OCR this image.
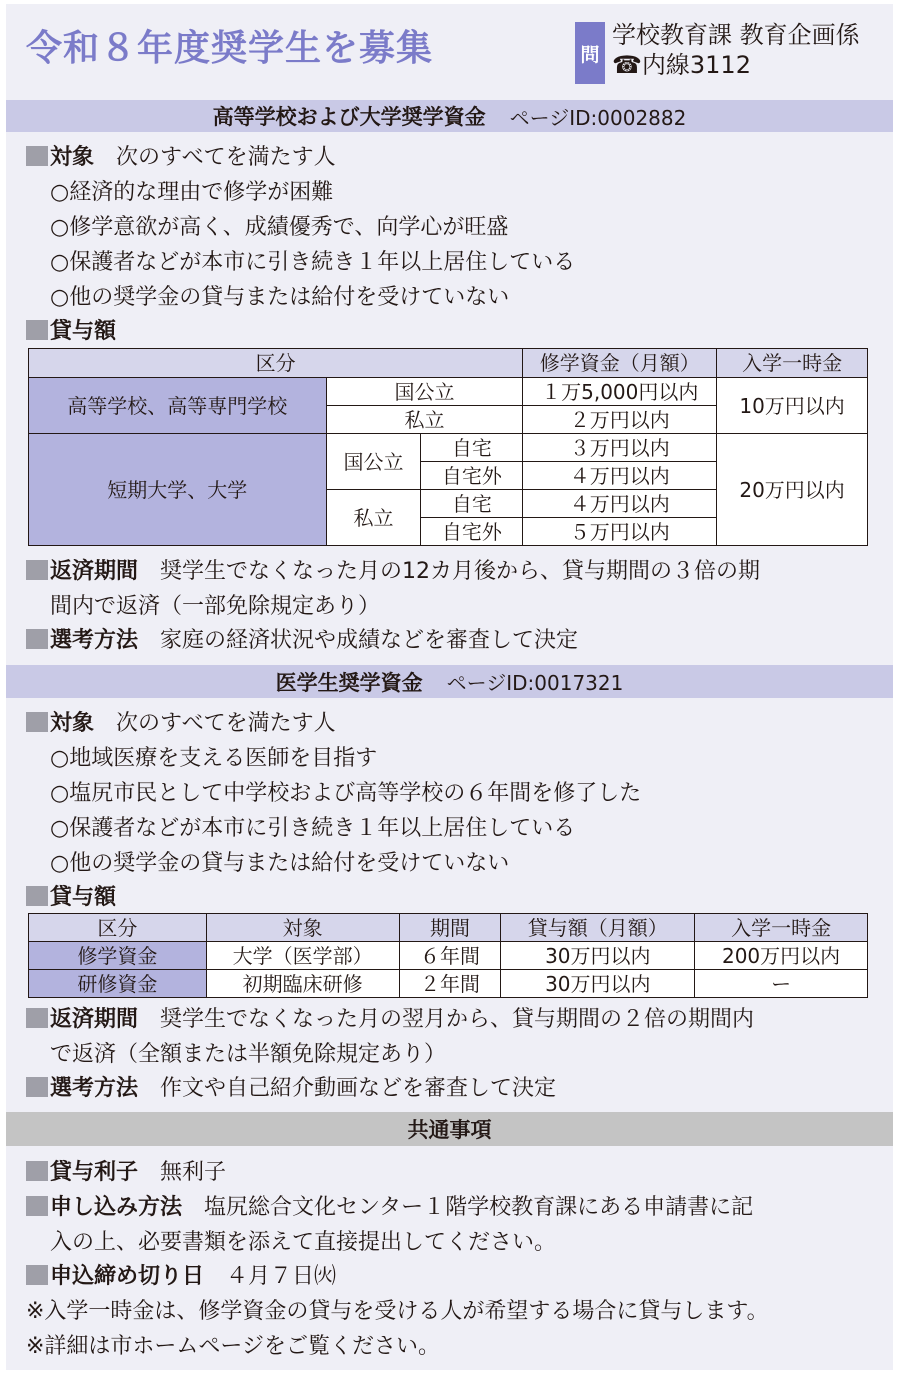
令和８年度奨学生を募集	問
学校教育課 教育企画係
☎内線3112
高等学校および大学奨学資金 ページID:0002882
対象 次のすべてを満たす人
○経済的な理由で修学が困難
○修学意欲が高く、成績優秀で、向学心が旺盛
○保護者などが本市に引き続き１年以上居住している
○他の奨学金の貸与または給付を受けていない
貸与額
区分			修学資金（月額）	入学一時金
高等学校、高等専門学校	国公立		１万5,000円以内	10万円以内
	私立		２万円以内	
短期大学、大学	国公立	自宅	３万円以内	20万円以内
		自宅外	４万円以内	
	私立	自宅	４万円以内	
		自宅外	５万円以内	
返済期間 奨学生でなくなった月の12カ月後から、貸与期間の３倍の期
間内で返済（一部免除規定あり）
選考方法 家庭の経済状況や成績などを審査して決定
医学生奨学資金 ページID:0017321
対象 次のすべてを満たす人
○地域医療を支える医師を目指す
○塩尻市民として中学校および高等学校の６年間を修了した
○保護者などが本市に引き続き１年以上居住している
○他の奨学金の貸与または給付を受けていない
貸与額
区分	対象	期間	貸与額（月額）	入学一時金
修学資金	大学（医学部）	６年間	30万円以内	200万円以内
研修資金	初期臨床研修	２年間	30万円以内	ー
返済期間 奨学生でなくなった月の翌月から、貸与期間の２倍の期間内
で返済（全額または半額免除規定あり）
選考方法 作文や自己紹介動画などを審査して決定
共通事項
貸与利子 無利子
申し込み方法 塩尻総合文化センター１階学校教育課にある申請書に記
入の上、必要書類を添えて直接提出してください。
申込締め切り日 ４月７日㈫
※入学一時金は、修学資金の貸与を受ける人が希望する場合に貸与します。
※詳細は市ホームページをご覧ください。
